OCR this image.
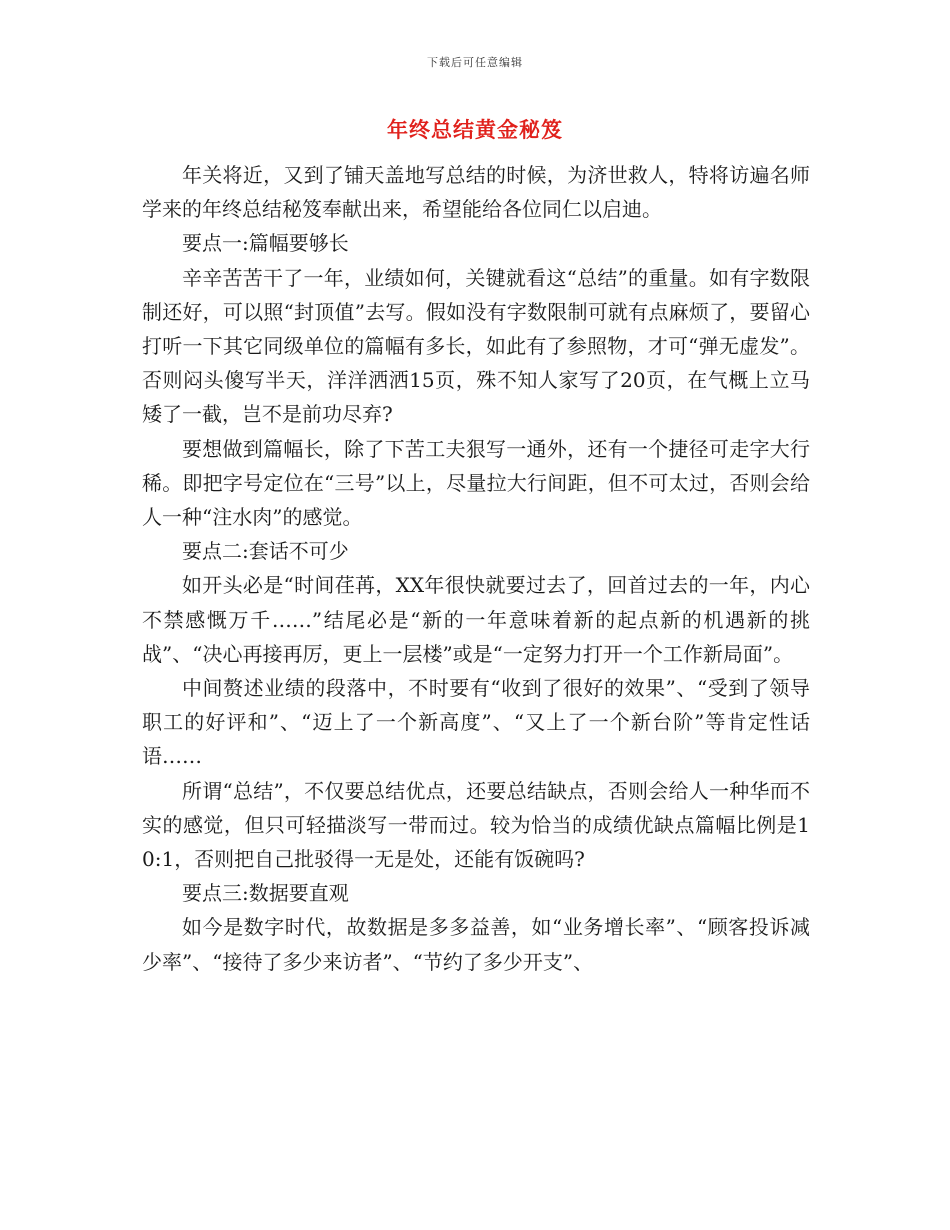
下载后可任意编辑
年终总结黄金秘笈

年关将近，又到了铺天盖地写总结的时候，为济世救人，特将访遍名师学来的年终总结秘笈奉献出来，希望能给各位同仁以启迪。

要点一:篇幅要够长

辛辛苦苦干了一年，业绩如何，关键就看这“总结”的重量。如有字数限制还好，可以照“封顶值”去写。假如没有字数限制可就有点麻烦了，要留心打听一下其它同级单位的篇幅有多长，如此有了参照物，才可“弹无虚发”。否则闷头傻写半天，洋洋洒洒15页，殊不知人家写了20页，在气概上立马矮了一截，岂不是前功尽弃?

要想做到篇幅长，除了下苦工夫狠写一通外，还有一个捷径可走字大行稀。即把字号定位在“三号”以上，尽量拉大行间距，但不可太过，否则会给人一种“注水肉”的感觉。

要点二:套话不可少

如开头必是“时间荏苒，XX年很快就要过去了，回首过去的一年，内心不禁感慨万千……”结尾必是“新的一年意味着新的起点新的机遇新的挑战”、“决心再接再厉，更上一层楼”或是“一定努力打开一个工作新局面”。

中间赘述业绩的段落中，不时要有“收到了很好的效果”、“受到了领导职工的好评和”、“迈上了一个新高度”、“又上了一个新台阶”等肯定性话语……

所谓“总结”，不仅要总结优点，还要总结缺点，否则会给人一种华而不实的感觉，但只可轻描淡写一带而过。较为恰当的成绩优缺点篇幅比例是10:1，否则把自己批驳得一无是处，还能有饭碗吗?

要点三:数据要直观

如今是数字时代，故数据是多多益善，如“业务增长率”、“顾客投诉减少率”、“接待了多少来访者”、“节约了多少开支”、
